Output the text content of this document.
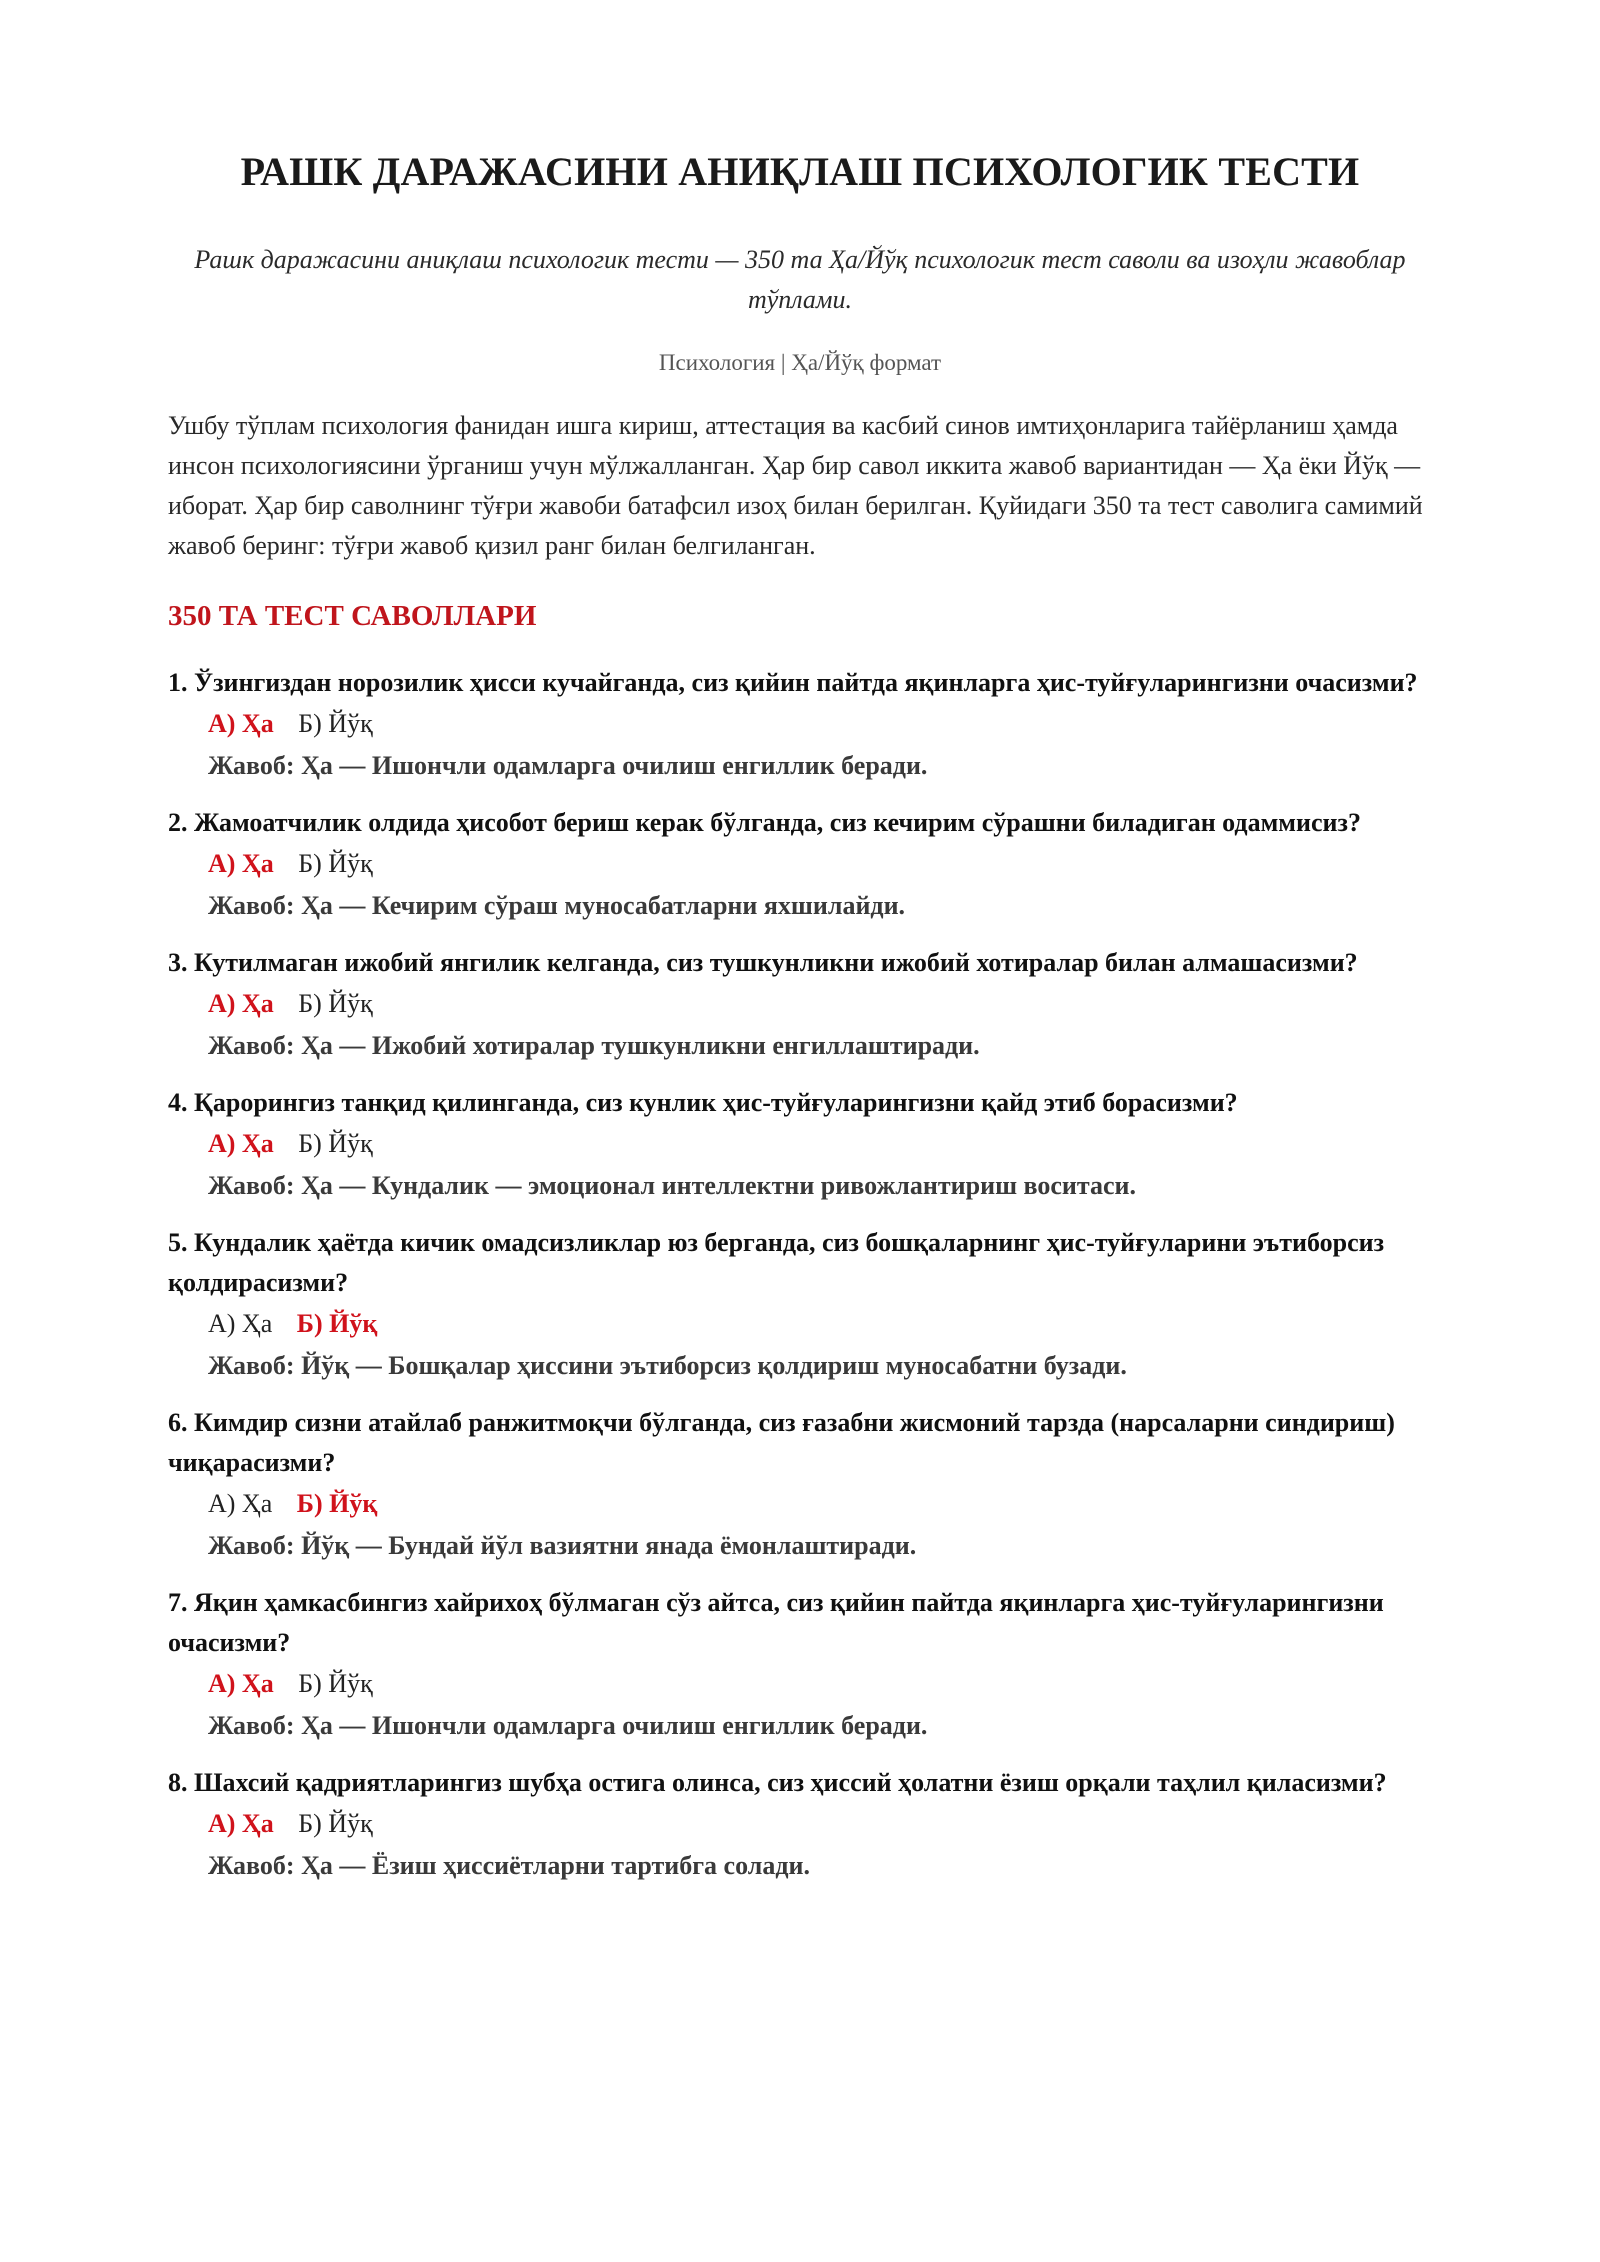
РАШК ДАРАЖАСИНИ АНИҚЛАШ ПСИХОЛОГИК ТЕСТИ
Рашк даражасини аниқлаш психологик тести — 350 та Ҳа/Йўқ психологик тест саволи ва изоҳли жавоблар тўплами.
Психология | Ҳа/Йўқ формат

Ушбу тўплам психология фанидан ишга кириш, аттестация ва касбий синов имтиҳонларига тайёрланиш ҳамда инсон психологиясини ўрганиш учун мўлжалланган. Ҳар бир савол иккита жавоб вариантидан — Ҳа ёки Йўқ — иборат. Ҳар бир саволнинг тўғри жавоби батафсил изоҳ билан берилган. Қуйидаги 350 та тест саволига самимий жавоб беринг: тўғри жавоб қизил ранг билан белгиланган.

350 ТА ТЕСТ САВОЛЛАРИ
1. Ўзингиздан норозилик ҳисси кучайганда, сиз қийин пайтда яқинларга ҳис-туйғуларингизни очасизми?
А) Ҳа Б) Йўқ
Жавоб: Ҳа — Ишончли одамларга очилиш енгиллик беради.
2. Жамоатчилик олдида ҳисобот бериш керак бўлганда, сиз кечирим сўрашни биладиган одаммисиз?
А) Ҳа Б) Йўқ
Жавоб: Ҳа — Кечирим сўраш муносабатларни яхшилайди.
3. Кутилмаган ижобий янгилик келганда, сиз тушкунликни ижобий хотиралар билан алмашасизми?
А) Ҳа Б) Йўқ
Жавоб: Ҳа — Ижобий хотиралар тушкунликни енгиллаштиради.
4. Қарорингиз танқид қилинганда, сиз кунлик ҳис-туйғуларингизни қайд этиб борасизми?
А) Ҳа Б) Йўқ
Жавоб: Ҳа — Кундалик — эмоционал интеллектни ривожлантириш воситаси.
5. Кундалик ҳаётда кичик омадсизликлар юз берганда, сиз бошқаларнинг ҳис-туйғуларини эътиборсиз қолдирасизми?
А) Ҳа Б) Йўқ
Жавоб: Йўқ — Бошқалар ҳиссини эътиборсиз қолдириш муносабатни бузади.
6. Кимдир сизни атайлаб ранжитмоқчи бўлганда, сиз ғазабни жисмоний тарзда (нарсаларни синдириш) чиқарасизми?
А) Ҳа Б) Йўқ
Жавоб: Йўқ — Бундай йўл вазиятни янада ёмонлаштиради.
7. Яқин ҳамкасбингиз хайрихоҳ бўлмаган сўз айтса, сиз қийин пайтда яқинларга ҳис-туйғуларингизни очасизми?
А) Ҳа Б) Йўқ
Жавоб: Ҳа — Ишончли одамларга очилиш енгиллик беради.
8. Шахсий қадриятларингиз шубҳа остига олинса, сиз ҳиссий ҳолатни ёзиш орқали таҳлил қиласизми?
А) Ҳа Б) Йўқ
Жавоб: Ҳа — Ёзиш ҳиссиётларни тартибга солади.
